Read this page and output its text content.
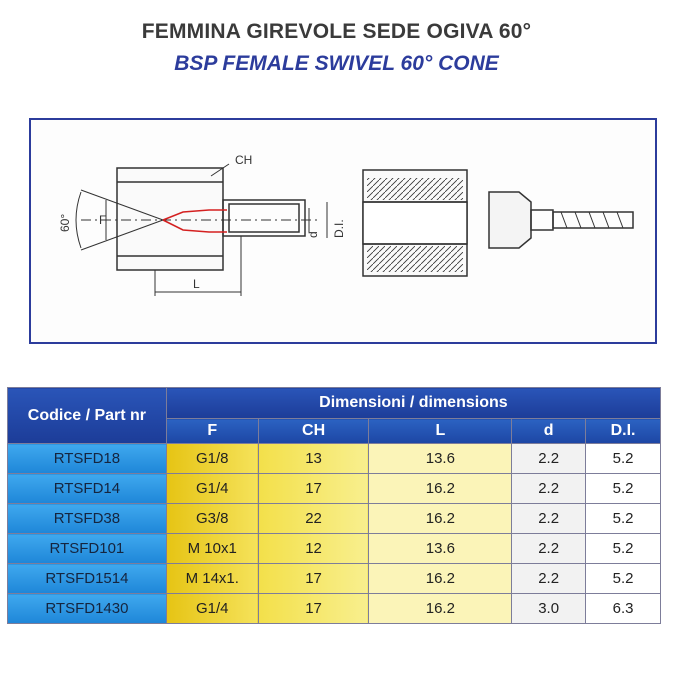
FEMMINA GIREVOLE SEDE OGIVA 60°
BSP FEMALE SWIVEL 60° CONE
CH
60° F
d D.I.
L
Codice / Part nr	Dimensioni / dimensions				
	F	CH	L	d	D.I.
RTSFD18	G1/8	13	13.6	2.2	5.2
RTSFD14	G1/4	17	16.2	2.2	5.2
RTSFD38	G3/8	22	16.2	2.2	5.2
RTSFD101	M 10x1	12	13.6	2.2	5.2
RTSFD1514	M 14x1.	17	16.2	2.2	5.2
RTSFD1430	G1/4	17	16.2	3.0	6.3
